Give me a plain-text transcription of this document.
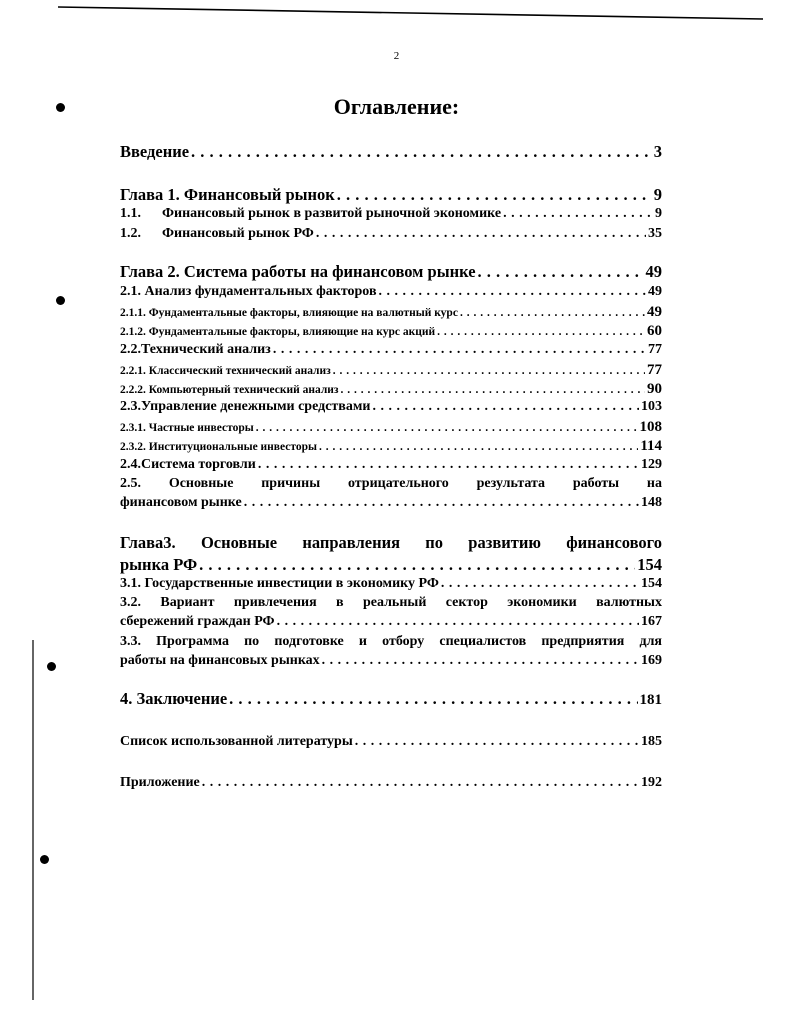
2
Оглавление:
Введение . . .	3
Глава 1. Финансовый рынок . . .	9
1.1.	Финансовый рынок в развитой рыночной экономике . . .	9
1.2.	Финансовый рынок РФ . . .	35
Глава 2. Система работы на финансовом рынке . . .	49
2.1. Анализ фундаментальных факторов . . .	49
2.1.1. Фундаментальные факторы, влияющие на валютный курс . . .	49
2.1.2. Фундаментальные факторы, влияющие на курс акций . . .	60
2.2.Технический анализ . . .	77
2.2.1. Классический технический анализ . . .	77
2.2.2. Компьютерный технический анализ . . .	90
2.3.Управление денежными средствами . . .	103
2.3.1. Частные инвесторы . . .	108
2.3.2. Институциональные инвесторы . . .	114
2.4.Система торговли . . .	129

2.5. Основные причины отрицательного результата работы на

финансовом рынке . . .	148

Глава3. Основные направления по развитию финансового

рынка РФ . . .	154
3.1. Государственные инвестиции в экономику РФ . . .	154

3.2. Вариант привлечения в реальный сектор экономики валютных

сбережений граждан РФ . . .	167

3.3. Программа по подготовке и отбору специалистов предприятия для

работы на финансовых рынках . . .	169
4. Заключение . . .	181
Список использованной литературы . . .	185
Приложение . . .	192
